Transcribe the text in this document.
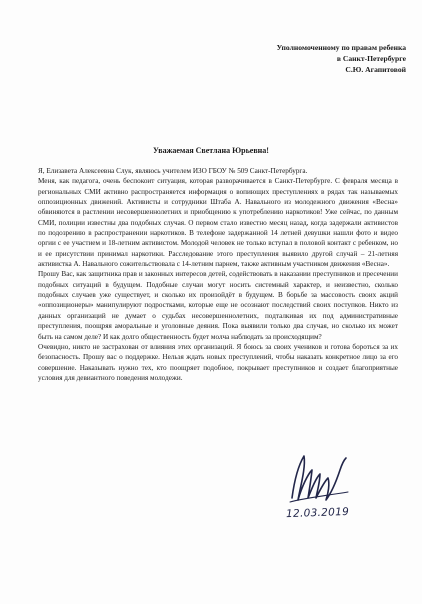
Уполномоченному по правам ребенка
в Санкт-Петербурге
С.Ю. Агапитовой
Уважаемая Светлана Юрьевна!

Я, Елизавета Алексеевна Слук, являюсь учителем ИЗО ГБОУ № 509 Санкт-Петербурга.

Меня, как педагога, очень беспокоит ситуация, которая разворачивается в Санкт-Петербурге. С февраля месяца в региональных СМИ активно распространяется информация о вопиющих преступлениях в рядах так называемых оппозиционных движений. Активисты и сотрудники Штаба А. Навального из молодежного движения «Весна» обвиняются в растлении несовершеннолетних и приобщению к употреблению наркотиков! Уже сейчас, по данным СМИ, полиции известны два подобных случая. О первом стало известно месяц назад, когда задержали активистов по подозрению в распространении наркотиков. В телефоне задержанной 14 летней девушки нашли фото и видео оргии с ее участием и 18-летним активистом. Молодой человек не только вступал в половой контакт с ребенком, но и ее присутствии принимал наркотики. Расследование этого преступления выявило другой случай – 21-летняя активистка А. Навального сожительствовала с 14-летним парнем, также активным участником движения «Весна».

Прошу Вас, как защитника прав и законных интересов детей, содействовать в наказании преступников и пресечении подобных ситуаций в будущем. Подобные случаи могут носить системный характер, и неизвестно, сколько подобных случаев уже существует, и сколько их произойдёт в будущем. В борьбе за массовость своих акций «оппозиционеры» манипулируют подростками, которые еще не осознают последствий своих поступков. Никто из данных организаций не думает о судьбах несовершеннолетних, подталкивая их под административные преступления, поощряя аморальные и уголовные деяния. Пока выявили только два случая, но сколько их может быть на самом деле? И как долго общественность будет молча наблюдать за происходящим?

Очевидно, никто не застрахован от влияния этих организаций. Я боюсь за своих учеников и готова бороться за их безопасность. Прошу вас о поддержке. Нельзя ждать новых преступлений, чтобы наказать конкретное лицо за его совершение. Наказывать нужно тех, кто поощряет подобное, покрывает преступников и создает благоприятные условия для девиантного поведения молодежи.

12.03.2019
